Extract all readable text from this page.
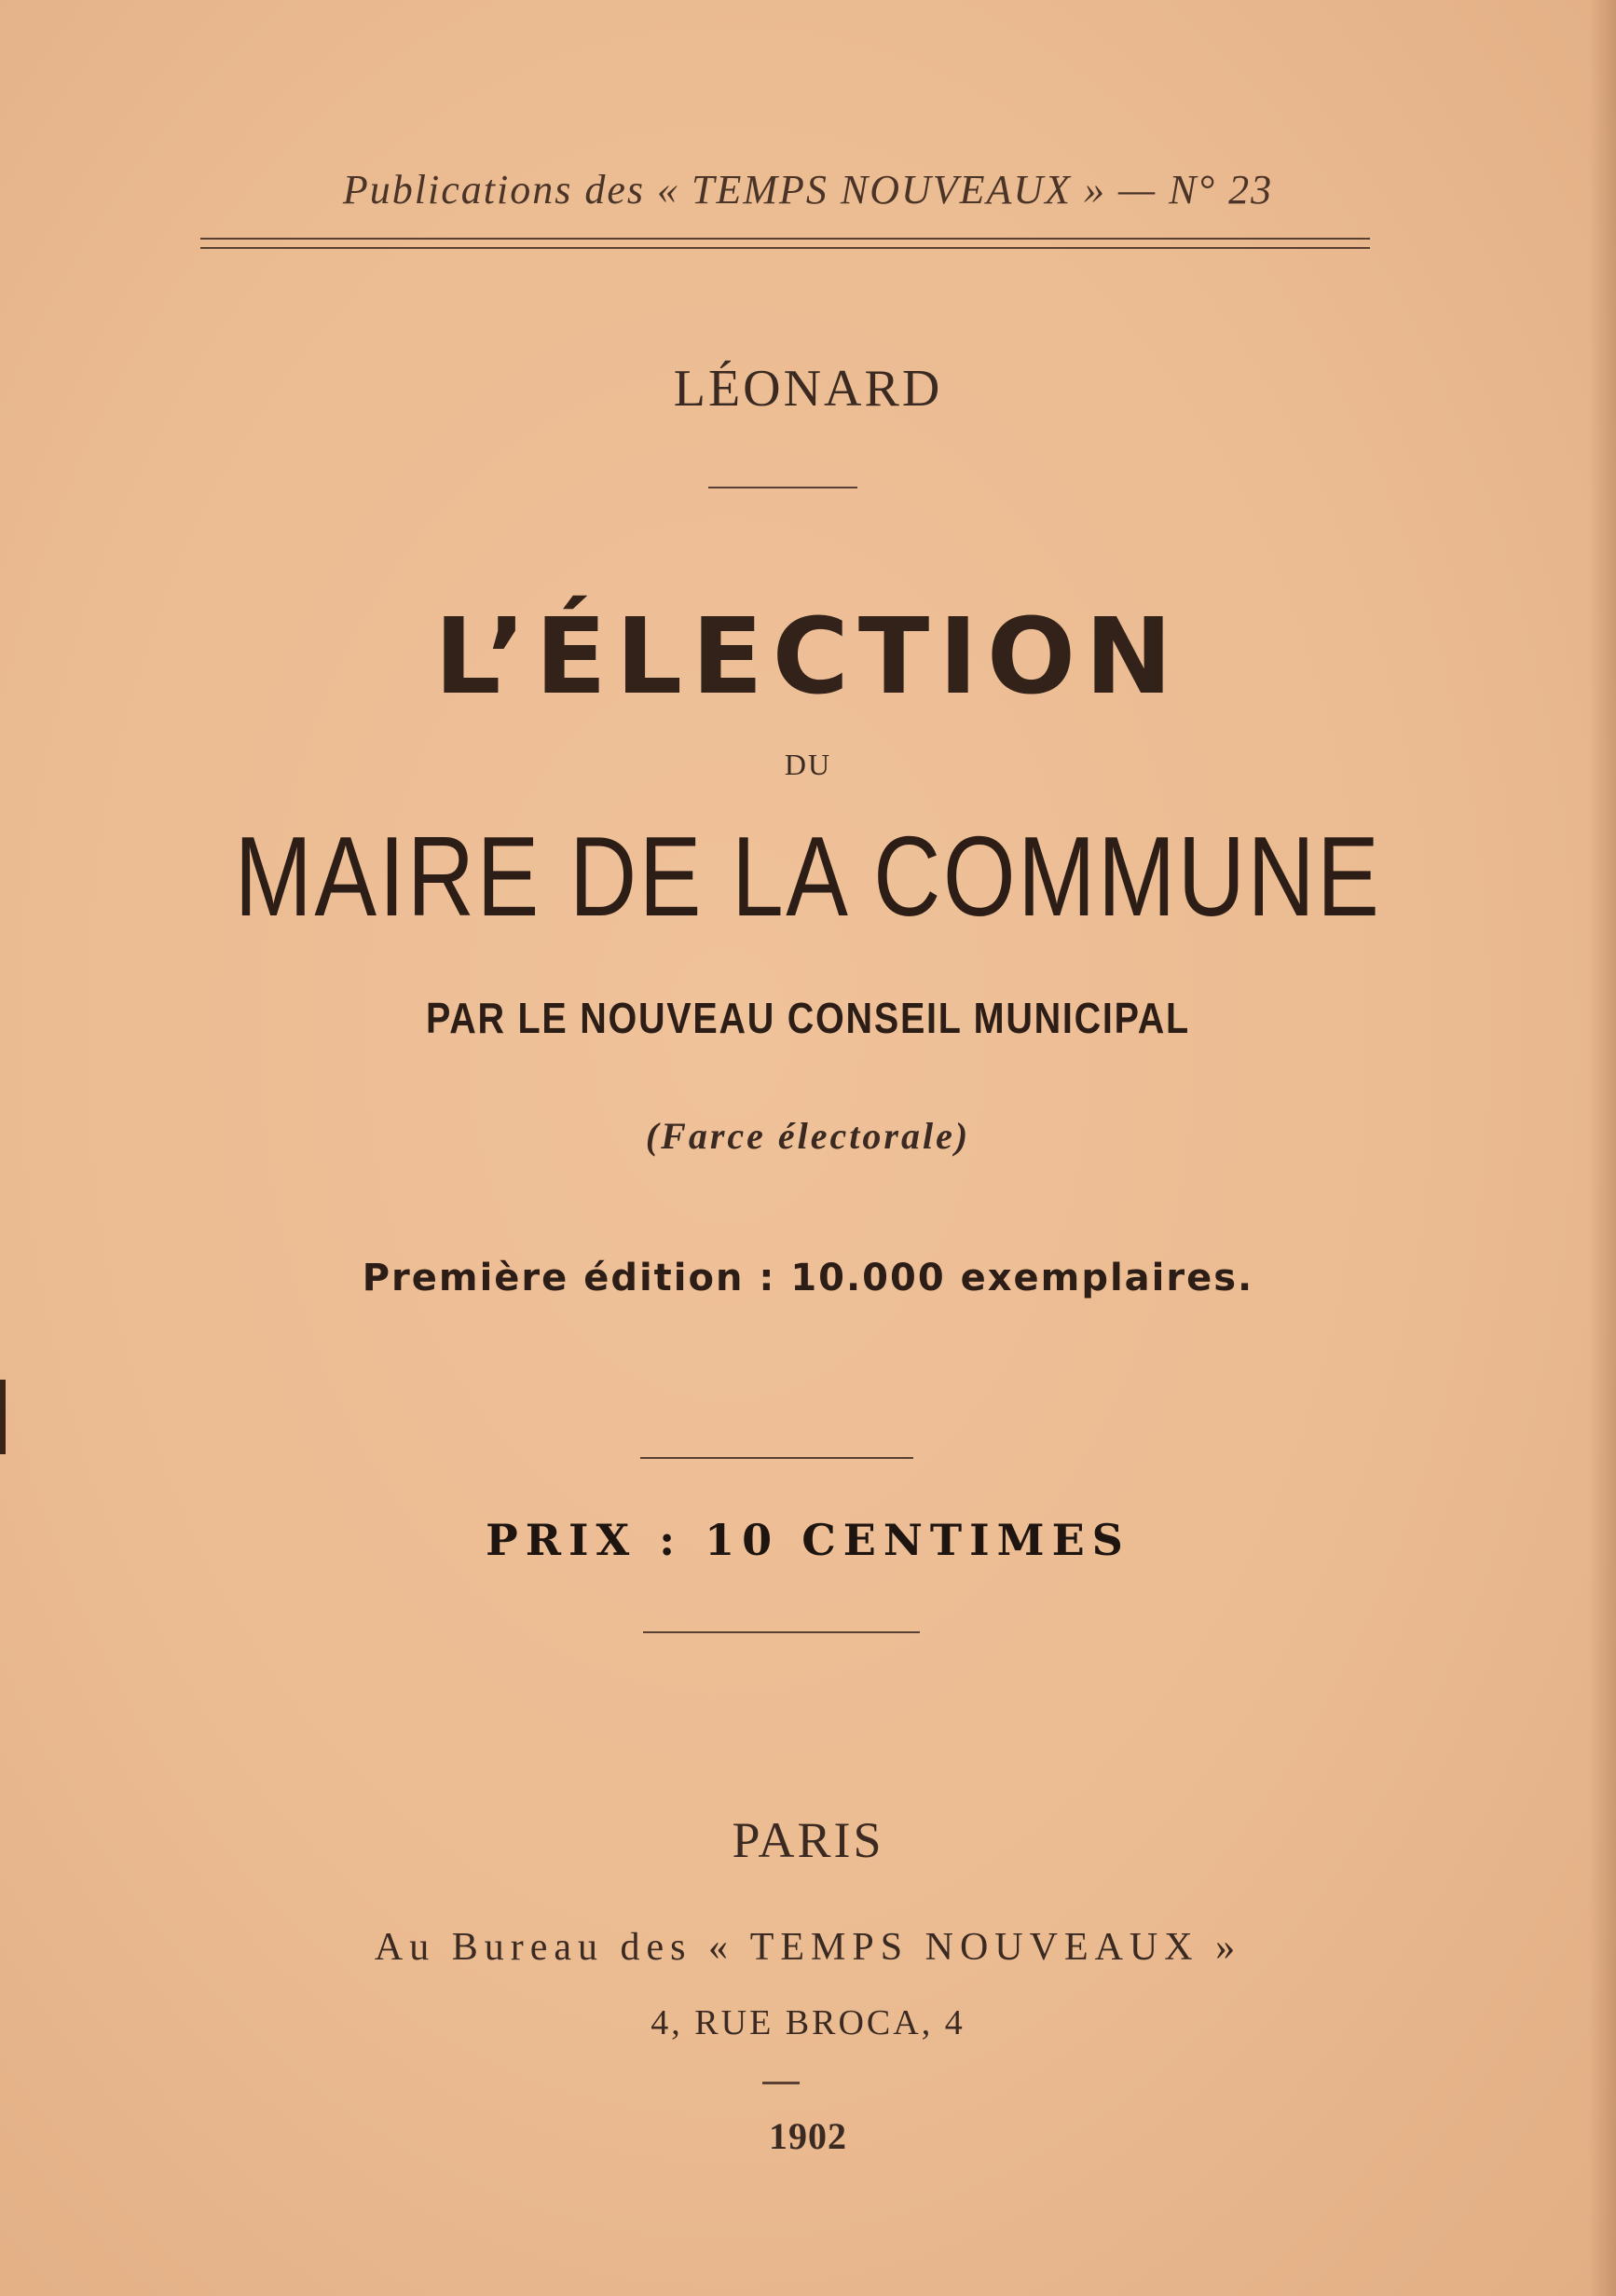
Publications des « TEMPS NOUVEAUX » — N° 23
LÉONARD
L’ÉLECTION
DU
MAIRE DE LA COMMUNE
PAR LE NOUVEAU CONSEIL MUNICIPAL
(Farce électorale)
Première édition : 10.000 exemplaires.
PRIX : 10 CENTIMES
PARIS
Au Bureau des « TEMPS NOUVEAUX »
4, RUE BROCA, 4
1902
